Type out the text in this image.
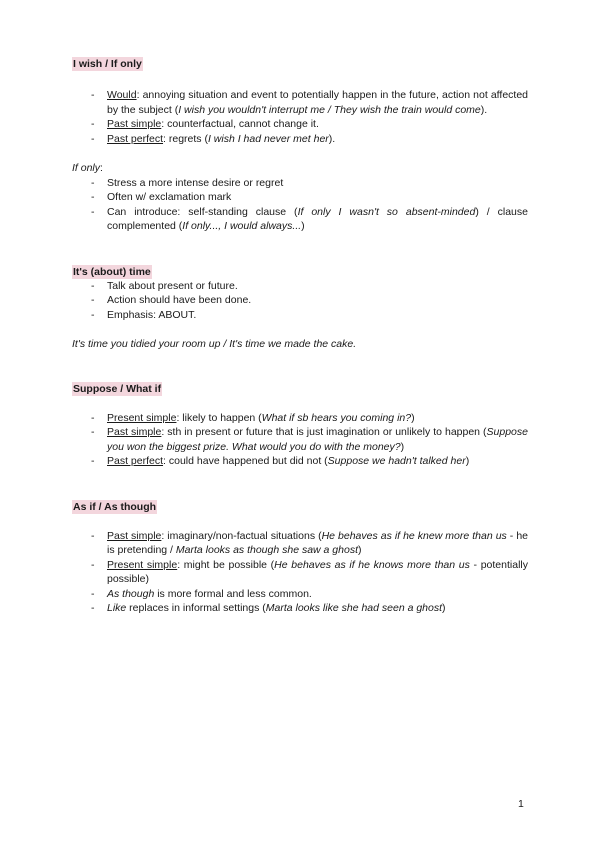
I wish / If only
- Would: annoying situation and event to potentially happen in the future, action not affected by the subject (I wish you wouldn't interrupt me / They wish the train would come).
- Past simple: counterfactual, cannot change it.
- Past perfect: regrets (I wish I had never met her).
If only:
- Stress a more intense desire or regret
- Often w/ exclamation mark
- Can introduce: self-standing clause (If only I wasn't so absent-minded) / clause complemented (If only..., I would always...)
It's (about) time
- Talk about present or future.
- Action should have been done.
- Emphasis: ABOUT.
It's time you tidied your room up / It's time we made the cake.
Suppose / What if
- Present simple: likely to happen (What if sb hears you coming in?)
- Past simple: sth in present or future that is just imagination or unlikely to happen (Suppose you won the biggest prize. What would you do with the money?)
- Past perfect: could have happened but did not (Suppose we hadn't talked her)
As if / As though
- Past simple: imaginary/non-factual situations (He behaves as if he knew more than us - he is pretending / Marta looks as though she saw a ghost)
- Present simple: might be possible (He behaves as if he knows more than us - potentially possible)
- As though is more formal and less common.
- Like replaces in informal settings (Marta looks like she had seen a ghost)
1
